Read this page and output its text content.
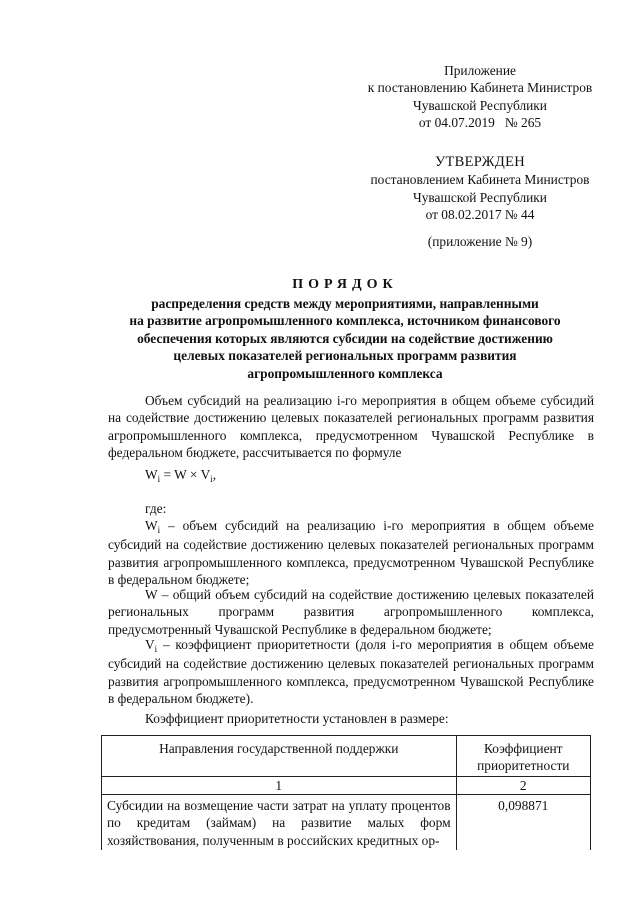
Приложение
к постановлению Кабинета Министров
Чувашской Республики
от 04.07.2019   № 265
УТВЕРЖДЕН
постановлением Кабинета Министров
Чувашской Республики
от 08.02.2017 № 44
(приложение № 9)
ПОРЯДОК
распределения средств между мероприятиями, направленными
на развитие агропромышленного комплекса, источником финансового
обеспечения которых являются субсидии на содействие достижению
целевых показателей региональных программ развития
агропромышленного комплекса
Объем субсидий на реализацию i-го мероприятия в общем объеме субсидий на содействие достижению целевых показателей региональных программ развития агропромышленного комплекса, предусмотренном Чувашской Республике в федеральном бюджете, рассчитывается по формуле
$W_i = W \times V_i$,
где:
$W_i$ – объем субсидий на реализацию i-го мероприятия в общем объеме субсидий на содействие достижению целевых показателей региональных программ развития агропромышленного комплекса, предусмотренном Чувашской Республике в федеральном бюджете;
W – общий объем субсидий на содействие достижению целевых показателей региональных программ развития агропромышленного комплекса, предусмотренный Чувашской Республике в федеральном бюджете;
$V_i$ – коэффициент приоритетности (доля i-го мероприятия в общем объеме субсидий на содействие достижению целевых показателей региональных программ развития агропромышленного комплекса, предусмотренном Чувашской Республике в федеральном бюджете).
Коэффициент приоритетности установлен в размере:
Направления государственной поддержки	Коэффициент приоритетности
1	2
Субсидии на возмещение части затрат на уплату процентов по кредитам (займам) на развитие малых форм хозяйствования, полученным в российских кредитных ор-	0,098871
